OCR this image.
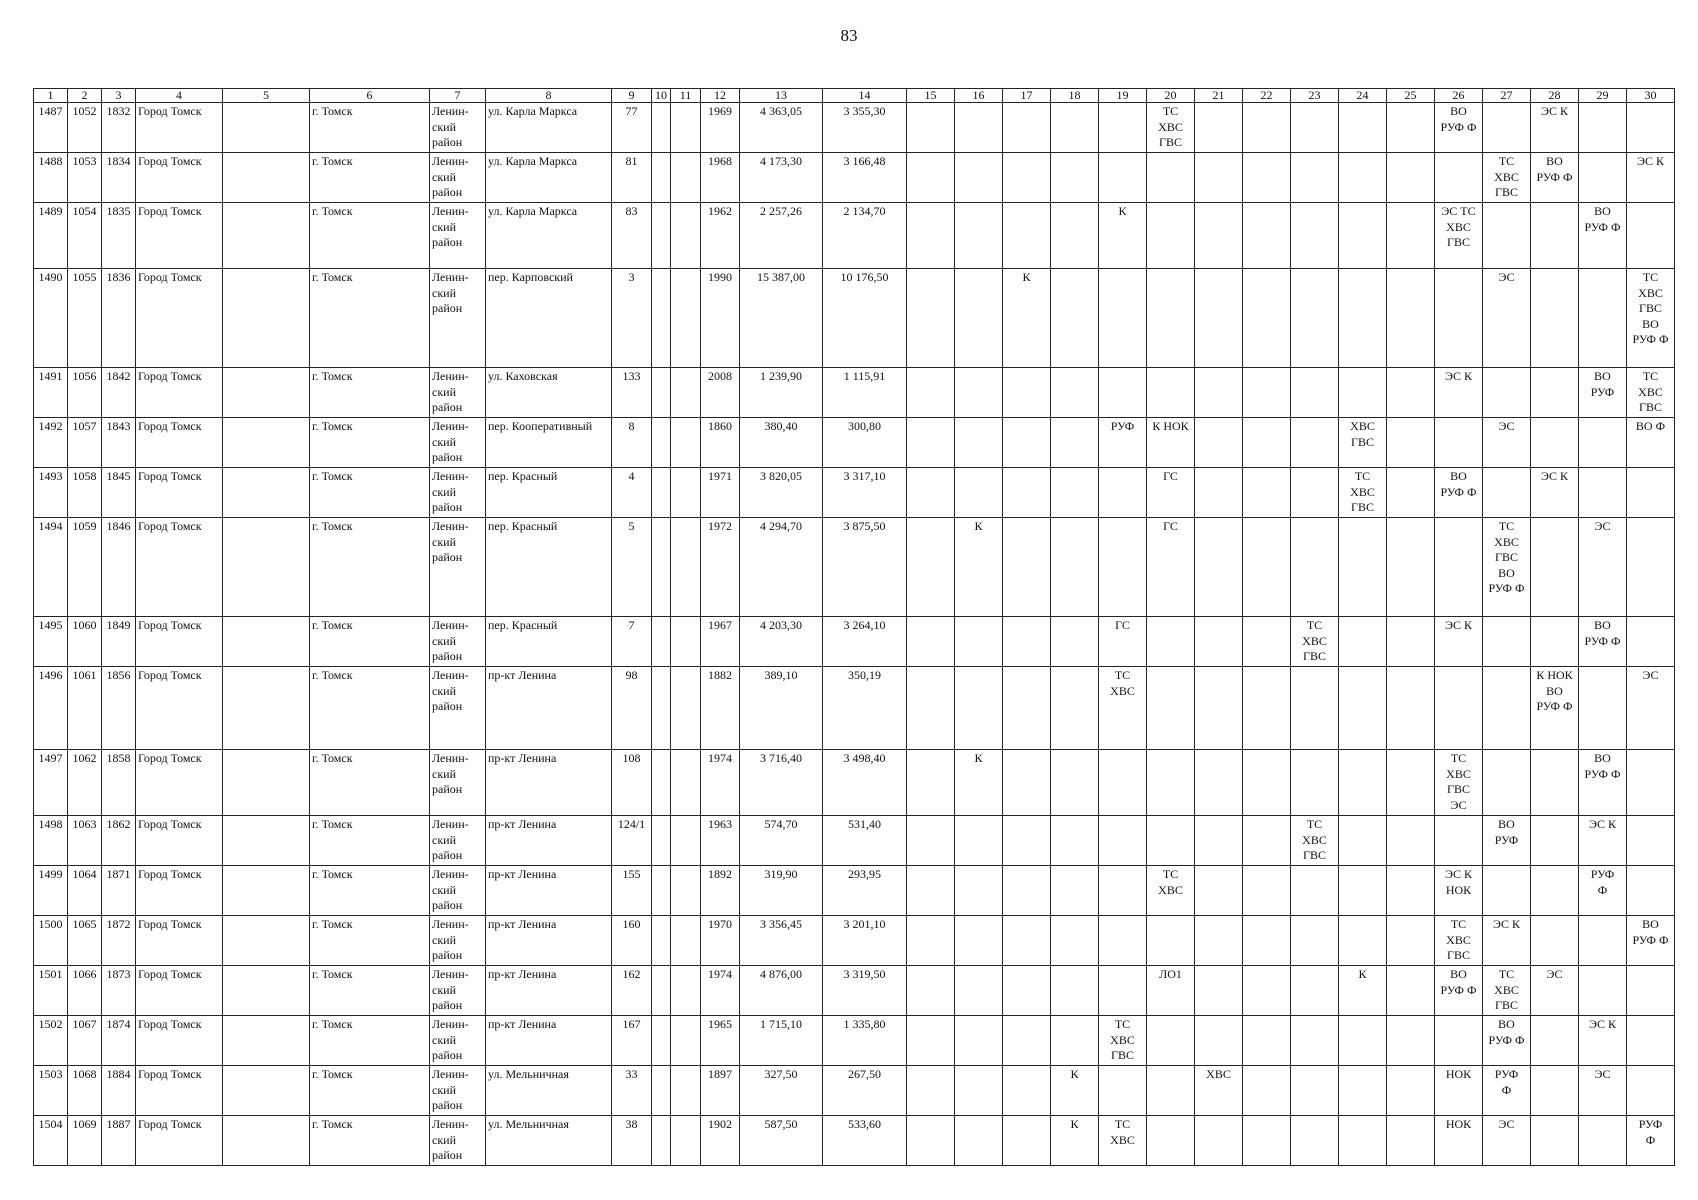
83
1	2	3	4	5	6	7	8	9	10	11	12	13	14	15	16	17	18	19	20	21	22	23	24	25	26	27	28	29	30
1487	1052	1832	Город Томск		г. Томск	Ленин-
ский
район	ул. Карла Маркса	77			1969	4 363,05	3 355,30						ТС
ХВС
ГВС						ВО
РУФ Ф		ЭС К		
1488	1053	1834	Город Томск		г. Томск	Ленин-
ский
район	ул. Карла Маркса	81			1968	4 173,30	3 166,48													ТС
ХВС
ГВС	ВО
РУФ Ф		ЭС К
1489	1054	1835	Город Томск		г. Томск	Ленин-
ский
район	ул. Карла Маркса	83			1962	2 257,26	2 134,70					К							ЭС ТС
ХВС
ГВС			ВО
РУФ Ф	
1490	1055	1836	Город Томск		г. Томск	Ленин-
ский
район	пер. Карповский	3			1990	15 387,00	10 176,50			К										ЭС			ТС
ХВС
ГВС
ВО
РУФ Ф
1491	1056	1842	Город Томск		г. Томск	Ленин-
ский
район	ул. Каховская	133			2008	1 239,90	1 115,91												ЭС К			ВО
РУФ	ТС
ХВС
ГВС
1492	1057	1843	Город Томск		г. Томск	Ленин-
ский
район	пер. Кооперативный	8			1860	380,40	300,80					РУФ	К НОК				ХВС
ГВС			ЭС			ВО Ф
1493	1058	1845	Город Томск		г. Томск	Ленин-
ский
район	пер. Красный	4			1971	3 820,05	3 317,10						ГС				ТС
ХВС
ГВС		ВО
РУФ Ф		ЭС К		
1494	1059	1846	Город Томск		г. Томск	Ленин-
ский
район	пер. Красный	5			1972	4 294,70	3 875,50		К				ГС							ТС
ХВС
ГВС
ВО
РУФ Ф		ЭС	
1495	1060	1849	Город Томск		г. Томск	Ленин-
ский
район	пер. Красный	7			1967	4 203,30	3 264,10					ГС				ТС
ХВС
ГВС			ЭС К			ВО
РУФ Ф	
1496	1061	1856	Город Томск		г. Томск	Ленин-
ский
район	пр-кт Ленина	98			1882	389,10	350,19					ТС
ХВС									К НОК
ВО
РУФ Ф		ЭС
1497	1062	1858	Город Томск		г. Томск	Ленин-
ский
район	пр-кт Ленина	108			1974	3 716,40	3 498,40		К										ТС
ХВС
ГВС
ЭС			ВО
РУФ Ф	
1498	1063	1862	Город Томск		г. Томск	Ленин-
ский
район	пр-кт Ленина	124/1			1963	574,70	531,40									ТС
ХВС
ГВС				ВО
РУФ		ЭС К	
1499	1064	1871	Город Томск		г. Томск	Ленин-
ский
район	пр-кт Ленина	155			1892	319,90	293,95						ТС
ХВС						ЭС К
НОК			РУФ
Ф	
1500	1065	1872	Город Томск		г. Томск	Ленин-
ский
район	пр-кт Ленина	160			1970	3 356,45	3 201,10												ТС
ХВС
ГВС	ЭС К			ВО
РУФ Ф
1501	1066	1873	Город Томск		г. Томск	Ленин-
ский
район	пр-кт Ленина	162			1974	4 876,00	3 319,50						ЛО1				К		ВО
РУФ Ф	ТС
ХВС
ГВС	ЭС		
1502	1067	1874	Город Томск		г. Томск	Ленин-
ский
район	пр-кт Ленина	167			1965	1 715,10	1 335,80					ТС
ХВС
ГВС								ВО
РУФ Ф		ЭС К	
1503	1068	1884	Город Томск		г. Томск	Ленин-
ский
район	ул. Мельничная	33			1897	327,50	267,50				К			ХВС					НОК	РУФ
Ф		ЭС	
1504	1069	1887	Город Томск		г. Томск	Ленин-
ский
район	ул. Мельничная	38			1902	587,50	533,60				К	ТС
ХВС							НОК	ЭС			РУФ
Ф
